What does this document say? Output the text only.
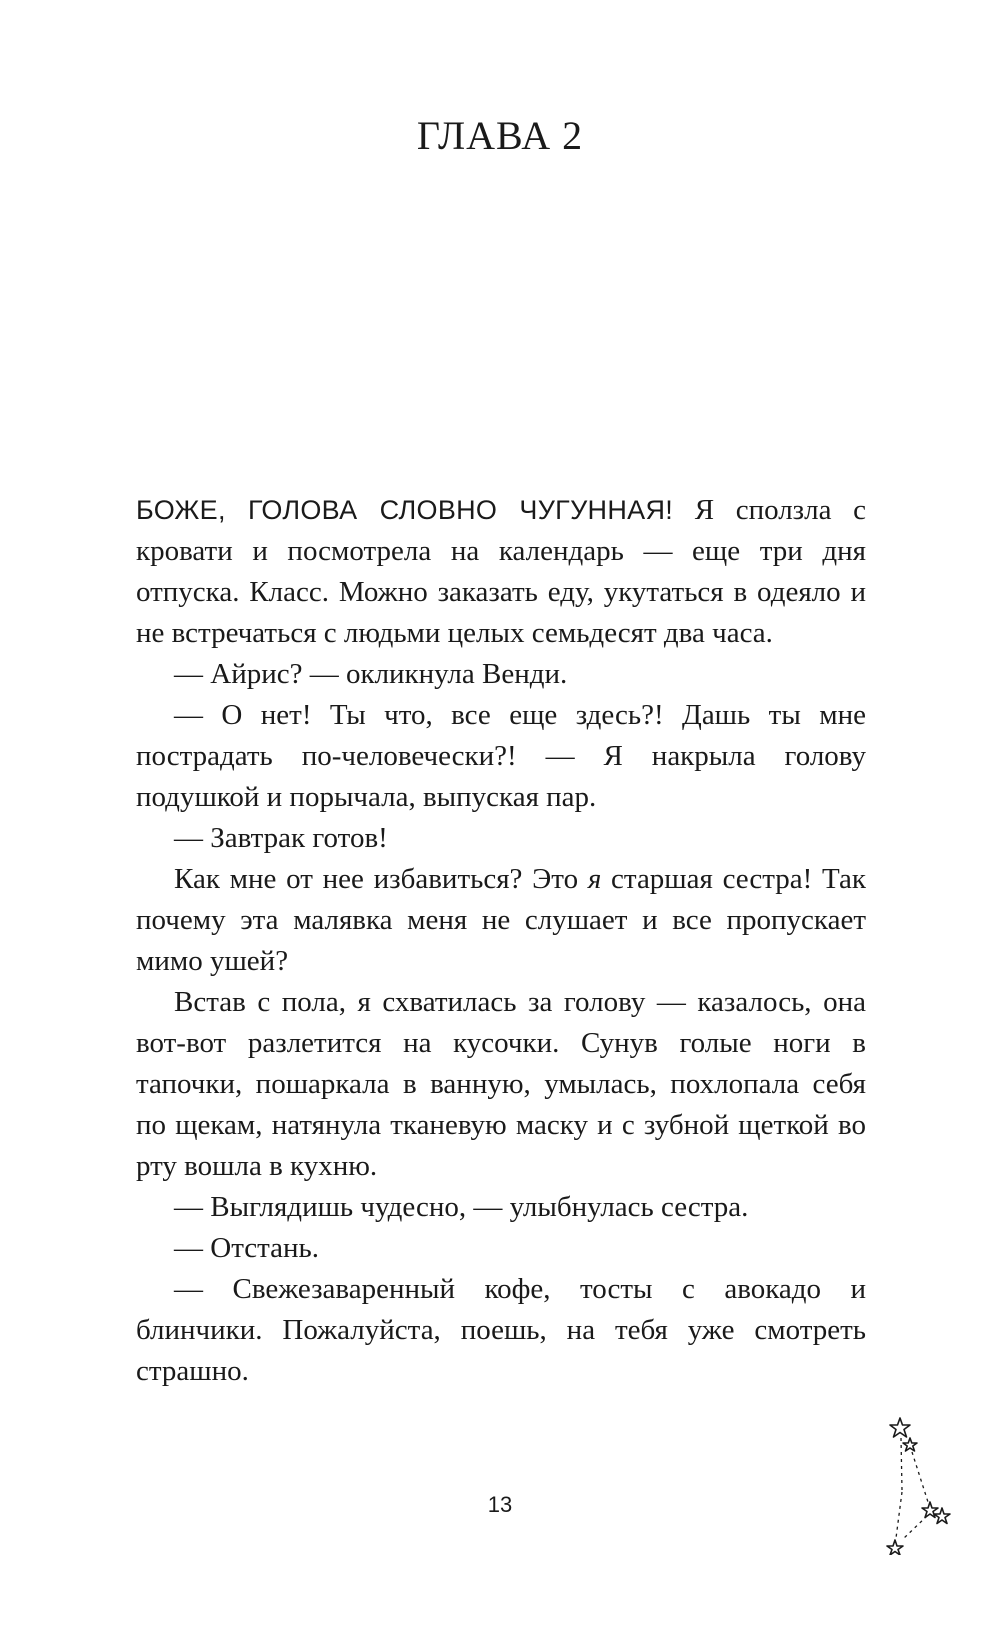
ГЛАВА 2

БОЖЕ, ГОЛОВА СЛОВНО ЧУГУННАЯ! Я сползла с кровати и посмотрела на календарь — еще три дня отпуска. Класс. Можно заказать еду, укутаться в одеяло и не встречаться с людьми целых семьдесят два часа.

— Айрис? — окликнула Венди.

— О нет! Ты что, все еще здесь?! Дашь ты мне пострадать по-человечески?! — Я накрыла голову подушкой и порычала, выпуская пар.

— Завтрак готов!

Как мне от нее избавиться? Это я старшая сестра! Так почему эта малявка меня не слушает и все пропускает мимо ушей?

Встав с пола, я схватилась за голову — казалось, она вот-вот разлетится на кусочки. Сунув голые ноги в тапочки, пошаркала в ванную, умылась, похлопала себя по щекам, натянула тканевую маску и с зубной щеткой во рту вошла в кухню.

— Выглядишь чудесно, — улыбнулась сестра.

— Отстань.

— Свежезаваренный кофе, тосты с авокадо и блинчики. Пожалуйста, поешь, на тебя уже смотреть страшно.

13
